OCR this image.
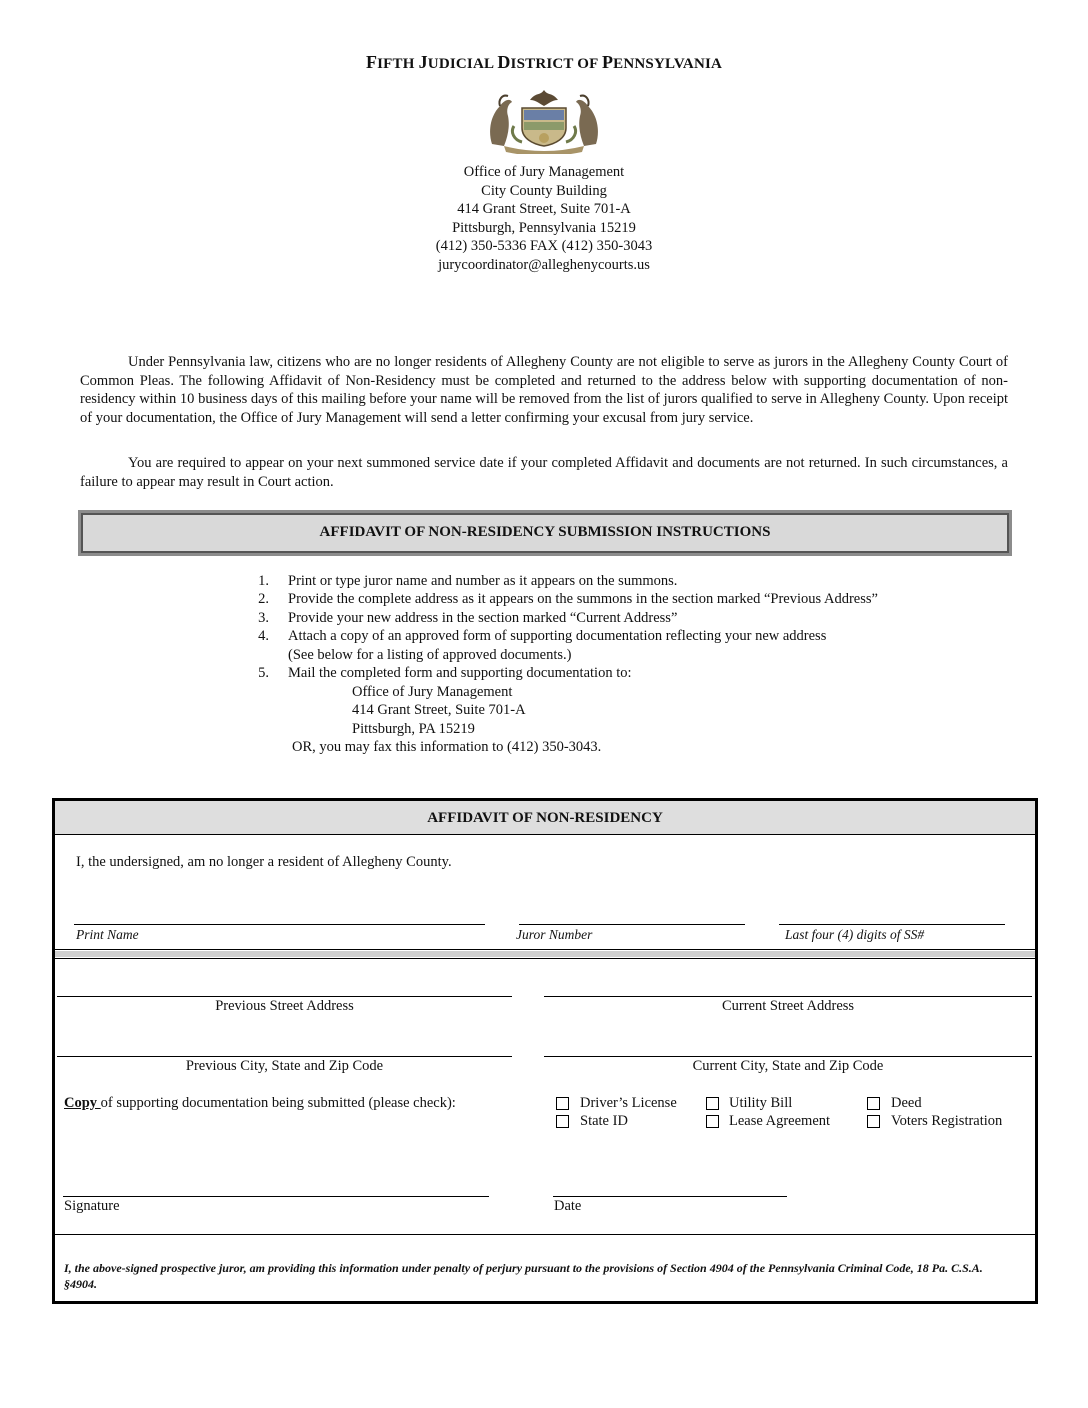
FIFTH JUDICIAL DISTRICT OF PENNSYLVANIA
Office of Jury Management
City County Building
414 Grant Street, Suite 701-A
Pittsburgh, Pennsylvania 15219
(412) 350-5336 FAX (412) 350-3043
jurycoordinator@alleghenycourts.us
Under Pennsylvania law, citizens who are no longer residents of Allegheny County are not eligible to serve as jurors in the Allegheny County Court of Common Pleas. The following Affidavit of Non-Residency must be completed and returned to the address below with supporting documentation of non-residency within 10 business days of this mailing before your name will be removed from the list of jurors qualified to serve in Allegheny County. Upon receipt of your documentation, the Office of Jury Management will send a letter confirming your excusal from jury service.
You are required to appear on your next summoned service date if your completed Affidavit and documents are not returned. In such circumstances, a failure to appear may result in Court action.
AFFIDAVIT OF NON-RESIDENCY SUBMISSION INSTRUCTIONS
1. Print or type juror name and number as it appears on the summons.
2. Provide the complete address as it appears on the summons in the section marked “Previous Address”
3. Provide your new address in the section marked “Current Address”
4. Attach a copy of an approved form of supporting documentation reflecting your new address
(See below for a listing of approved documents.)
5. Mail the completed form and supporting documentation to:
Office of Jury Management
414 Grant Street, Suite 701-A
Pittsburgh, PA 15219
OR, you may fax this information to (412) 350-3043.
AFFIDAVIT OF NON-RESIDENCY
I, the undersigned, am no longer a resident of Allegheny County.
Print Name	Juror Number	Last four (4) digits of SS#
Previous Street Address	Current Street Address
Previous City, State and Zip Code	Current City, State and Zip Code
Copy of supporting documentation being submitted (please check):	Driver’s License	Utility Bill	Deed
State ID	Lease Agreement	Voters Registration
Signature	Date
I, the above-signed prospective juror, am providing this information under penalty of perjury pursuant to the provisions of Section 4904 of the Pennsylvania Criminal Code, 18 Pa. C.S.A. §4904.
